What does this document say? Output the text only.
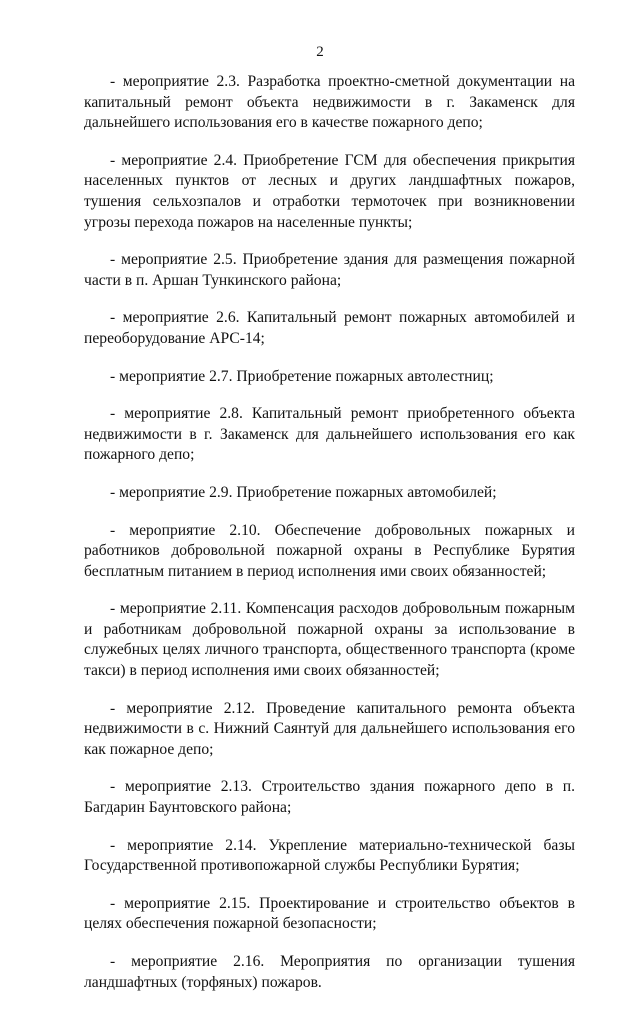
2

- мероприятие 2.3. Разработка проектно-сметной документации на капитальный ремонт объекта недвижимости в г. Закаменск для дальнейшего использования его в качестве пожарного депо;

- мероприятие 2.4. Приобретение ГСМ для обеспечения прикрытия населенных пунктов от лесных и других ландшафтных пожаров, тушения сельхозпалов и отработки термоточек при возникновении угрозы перехода пожаров на населенные пункты;

- мероприятие 2.5. Приобретение здания для размещения пожарной части в п. Аршан Тункинского района;

- мероприятие 2.6. Капитальный ремонт пожарных автомобилей и переоборудование АРС-14;

- мероприятие 2.7. Приобретение пожарных автолестниц;

- мероприятие 2.8. Капитальный ремонт приобретенного объекта недвижимости в г. Закаменск для дальнейшего использования его как пожарного депо;

- мероприятие 2.9. Приобретение пожарных автомобилей;

- мероприятие 2.10. Обеспечение добровольных пожарных и работников добровольной пожарной охраны в Республике Бурятия бесплатным питанием в период исполнения ими своих обязанностей;

- мероприятие 2.11. Компенсация расходов добровольным пожарным и работникам добровольной пожарной охраны за использование в служебных целях личного транспорта, общественного транспорта (кроме такси) в период исполнения ими своих обязанностей;

- мероприятие 2.12. Проведение капитального ремонта объекта недвижимости в с. Нижний Саянтуй для дальнейшего использования его как пожарное депо;

- мероприятие 2.13. Строительство здания пожарного депо в п. Багдарин Баунтовского района;

- мероприятие 2.14. Укрепление материально-технической базы Государственной противопожарной службы Республики Бурятия;

- мероприятие 2.15. Проектирование и строительство объектов в целях обеспечения пожарной безопасности;

- мероприятие 2.16. Мероприятия по организации тушения ландшафтных (торфяных) пожаров.
